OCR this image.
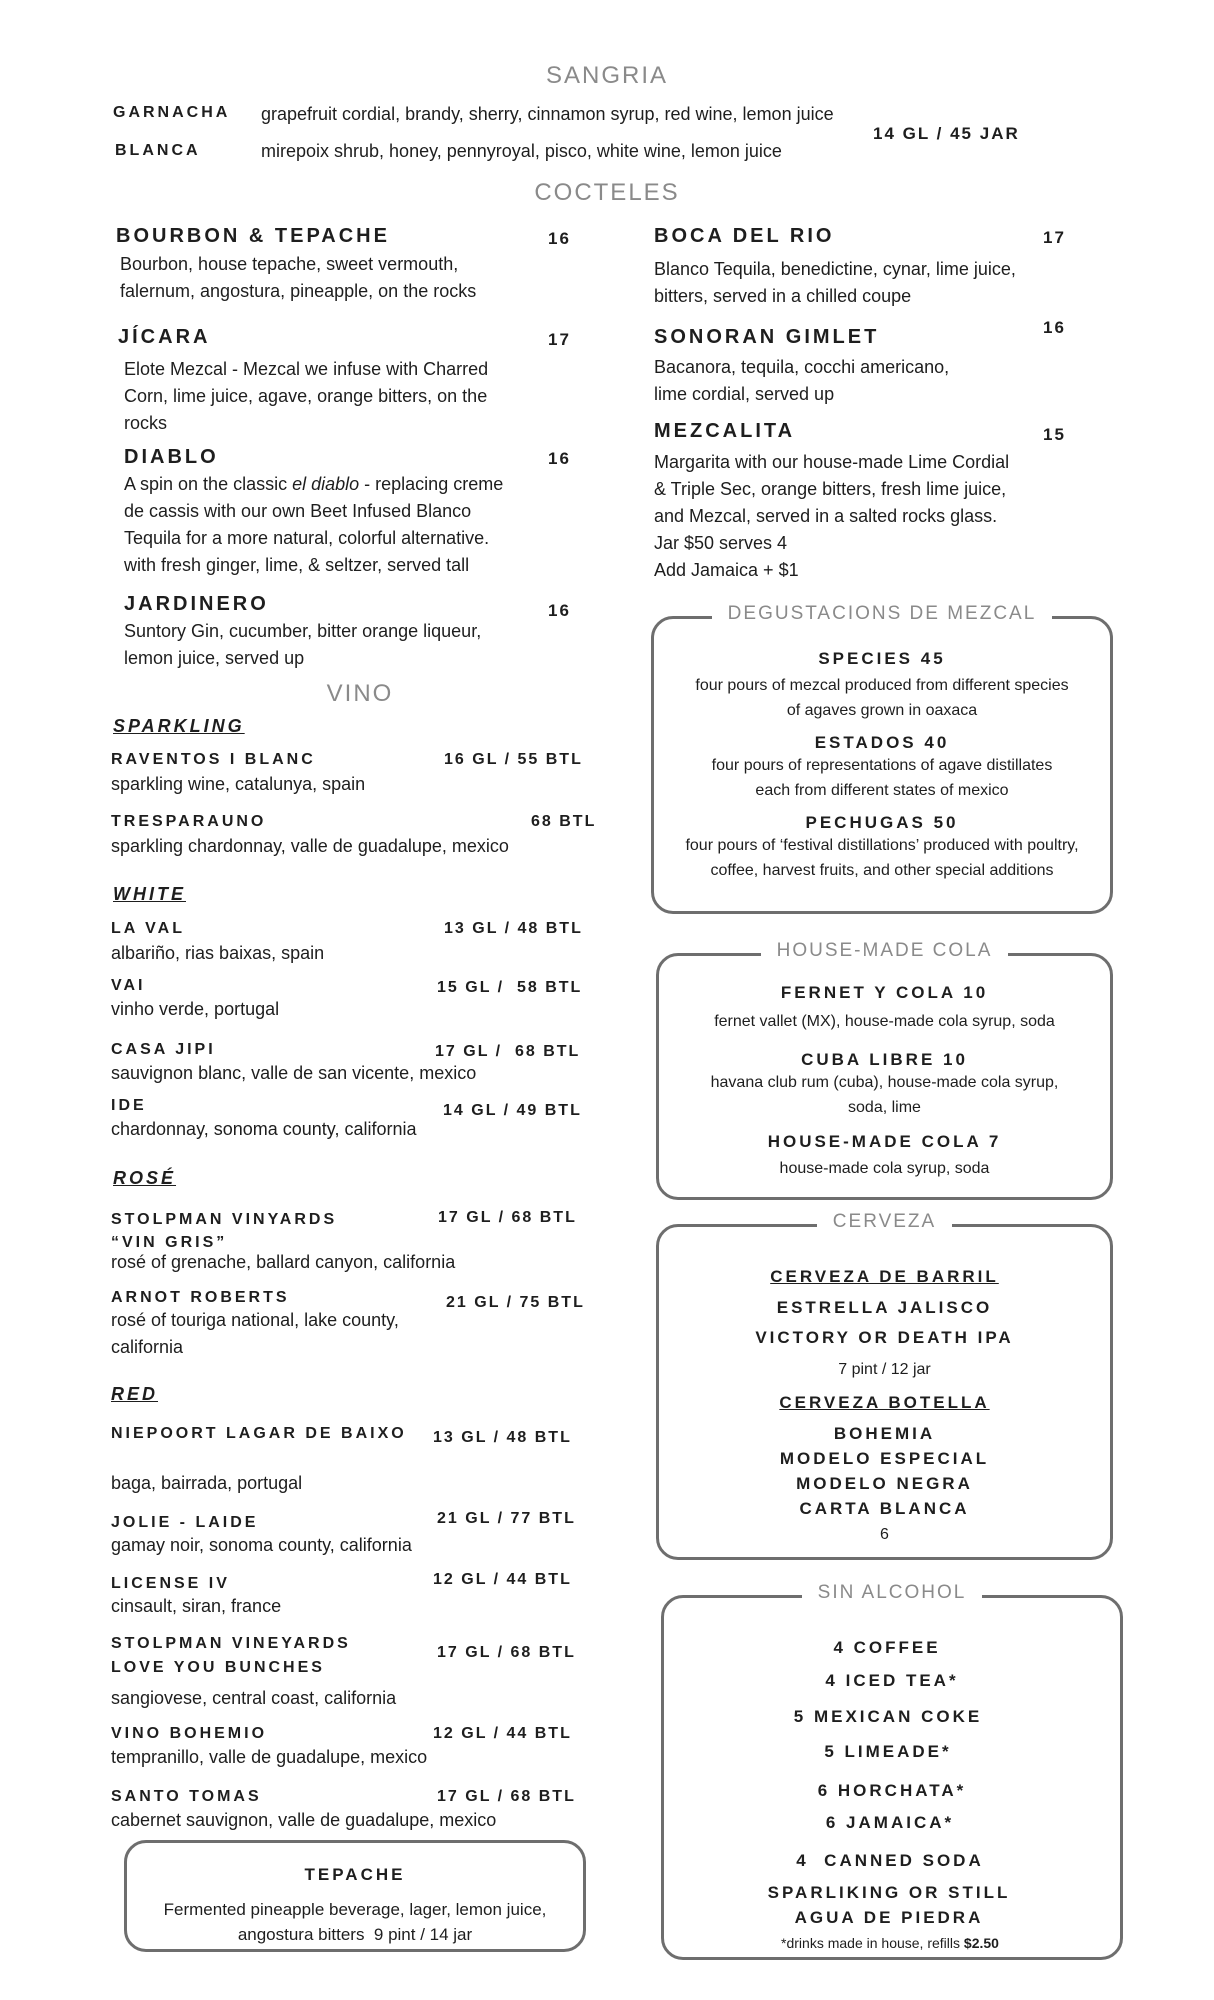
SANGRIA
GARNACHA grapefruit cordial, brandy, sherry, cinnamon syrup, red wine, lemon juice
BLANCA	mirepoix shrub, honey, pennyroyal, pisco, white wine, lemon juice
14 GL / 45 JAR
COCTELES
BOURBON & TEPACHE	16
Bourbon, house tepache, sweet vermouth,
falernum, angostura, pineapple, on the rocks
JÍCARA	17
Elote Mezcal - Mezcal we infuse with Charred
Corn, lime juice, agave, orange bitters, on the
rocks
DIABLO	16
A spin on the classic el diablo - replacing creme
de cassis with our own Beet Infused Blanco
Tequila for a more natural, colorful alternative.
with fresh ginger, lime, & seltzer, served tall
JARDINERO	16
Suntory Gin, cucumber, bitter orange liqueur,
lemon juice, served up
BOCA DEL RIO	17
Blanco Tequila, benedictine, cynar, lime juice,
bitters, served in a chilled coupe
SONORAN GIMLET	16
Bacanora, tequila, cocchi americano,
lime cordial, served up
MEZCALITA	15
Margarita with our house-made Lime Cordial
& Triple Sec, orange bitters, fresh lime juice,
and Mezcal, served in a salted rocks glass.
Jar $50 serves 4
Add Jamaica + $1
VINO
SPARKLING
RAVENTOS I BLANC	16 GL / 55 BTL
sparkling wine, catalunya, spain
TRESPARAUNO	68 BTL
sparkling chardonnay, valle de guadalupe, mexico
WHITE
LA VAL	13 GL / 48 BTL
albariño, rias baixas, spain
VAI	15 GL /  58 BTL
vinho verde, portugal
CASA JIPI	17 GL /  68 BTL
sauvignon blanc, valle de san vicente, mexico
IDE	14 GL / 49 BTL
chardonnay, sonoma county, california
ROSÉ
STOLPMAN VINYARDS
“VIN GRIS”
17 GL / 68 BTL
rosé of grenache, ballard canyon, california
ARNOT ROBERTS	21 GL / 75 BTL
rosé of touriga national, lake county,
california
RED
NIEPOORT LAGAR DE BAIXO 13 GL / 48 BTL
baga, bairrada, portugal
JOLIE - LAIDE	21 GL / 77 BTL
gamay noir, sonoma county, california
LICENSE IV	12 GL / 44 BTL
cinsault, siran, france
STOLPMAN VINEYARDS
LOVE YOU BUNCHES
17 GL / 68 BTL
sangiovese, central coast, california
VINO BOHEMIO	12 GL / 44 BTL
tempranillo, valle de guadalupe, mexico
SANTO TOMAS	17 GL / 68 BTL
cabernet sauvignon, valle de guadalupe, mexico
TEPACHE
Fermented pineapple beverage, lager, lemon juice,
angostura bitters  9 pint / 14 jar
DEGUSTACIONS DE MEZCAL
SPECIES 45
four pours of mezcal produced from different species
of agaves grown in oaxaca
ESTADOS 40
four pours of representations of agave distillates
each from different states of mexico
PECHUGAS 50
four pours of ‘festival distillations’ produced with poultry,
coffee, harvest fruits, and other special additions
HOUSE-MADE COLA
FERNET Y COLA 10
fernet vallet (MX), house-made cola syrup, soda
CUBA LIBRE 10
havana club rum (cuba), house-made cola syrup,
soda, lime
HOUSE-MADE COLA 7
house-made cola syrup, soda
CERVEZA
CERVEZA DE BARRIL
ESTRELLA JALISCO
VICTORY OR DEATH IPA
7 pint / 12 jar
CERVEZA BOTELLA
BOHEMIA
MODELO ESPECIAL
MODELO NEGRA
CARTA BLANCA
6
SIN ALCOHOL
4 COFFEE
4 ICED TEA*
5 MEXICAN COKE
5 LIMEADE*
6 HORCHATA*
6 JAMAICA*
4  CANNED SODA
SPARLIKING OR STILL
AGUA DE PIEDRA
*drinks made in house, refills $2.50
